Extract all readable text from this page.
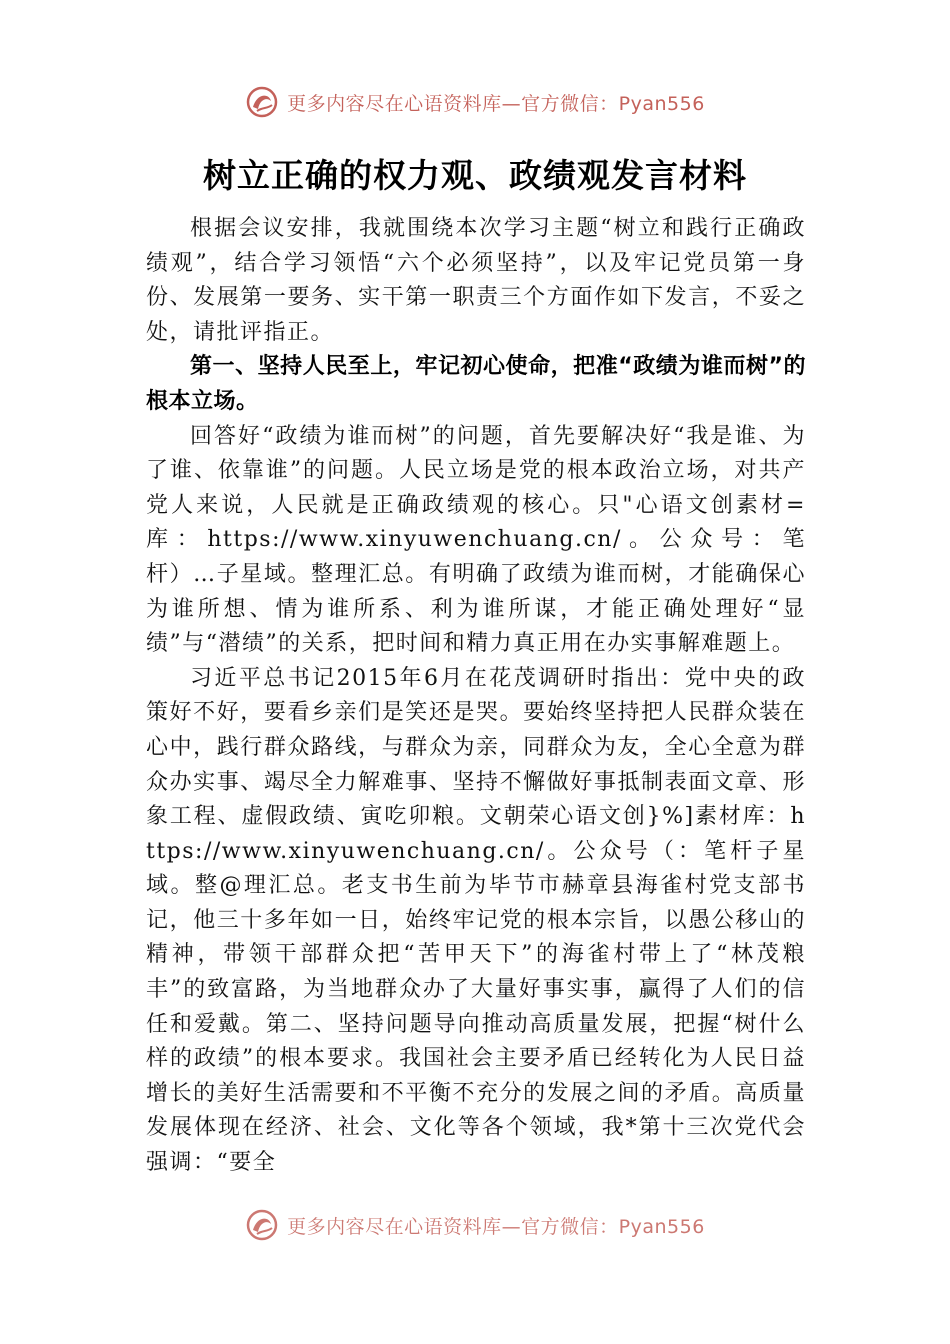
更多内容尽在心语资料库—官方微信：Pyan556
树立正确的权力观、政绩观发言材料

根据会议安排，我就围绕本次学习主题“树立和践行正确政绩观”，结合学习领悟“六个必须坚持”，以及牢记党员第一身份、发展第一要务、实干第一职责三个方面作如下发言，不妥之处，请批评指正。

第一、坚持人民至上，牢记初心使命，把准“政绩为谁而树”的根本立场。

回答好“政绩为谁而树”的问题，首先要解决好“我是谁、为了谁、依靠谁”的问题。人民立场是党的根本政治立场，对共产党人来说，人民就是正确政绩观的核心。只"心语文创素材=库：https://www.xinyuwenchuang.cn/。公众号：笔杆）…子星域。整理汇总。有明确了政绩为谁而树，才能确保心为谁所想、情为谁所系、利为谁所谋，才能正确处理好“显绩”与“潜绩”的关系，把时间和精力真正用在办实事解难题上。

习近平总书记2015年6月在花茂调研时指出：党中央的政策好不好，要看乡亲们是笑还是哭。要始终坚持把人民群众装在心中，践行群众路线，与群众为亲，同群众为友，全心全意为群众办实事、竭尽全力解难事、坚持不懈做好事抵制表面文章、形象工程、虚假政绩、寅吃卯粮。文朝荣心语文创}%]素材库：https://www.xinyuwenchuang.cn/。公众号（：笔杆子星域。整@理汇总。老支书生前为毕节市赫章县海雀村党支部书记，他三十多年如一日，始终牢记党的根本宗旨，以愚公移山的精神，带领干部群众把“苦甲天下”的海雀村带上了“林茂粮丰”的致富路，为当地群众办了大量好事实事，赢得了人们的信任和爱戴。第二、坚持问题导向推动高质量发展，把握“树什么样的政绩”的根本要求。我国社会主要矛盾已经转化为人民日益增长的美好生活需要和不平衡不充分的发展之间的矛盾。高质量发展体现在经济、社会、文化等各个领域，我*第十三次党代会强调：“要全

更多内容尽在心语资料库—官方微信：Pyan556
